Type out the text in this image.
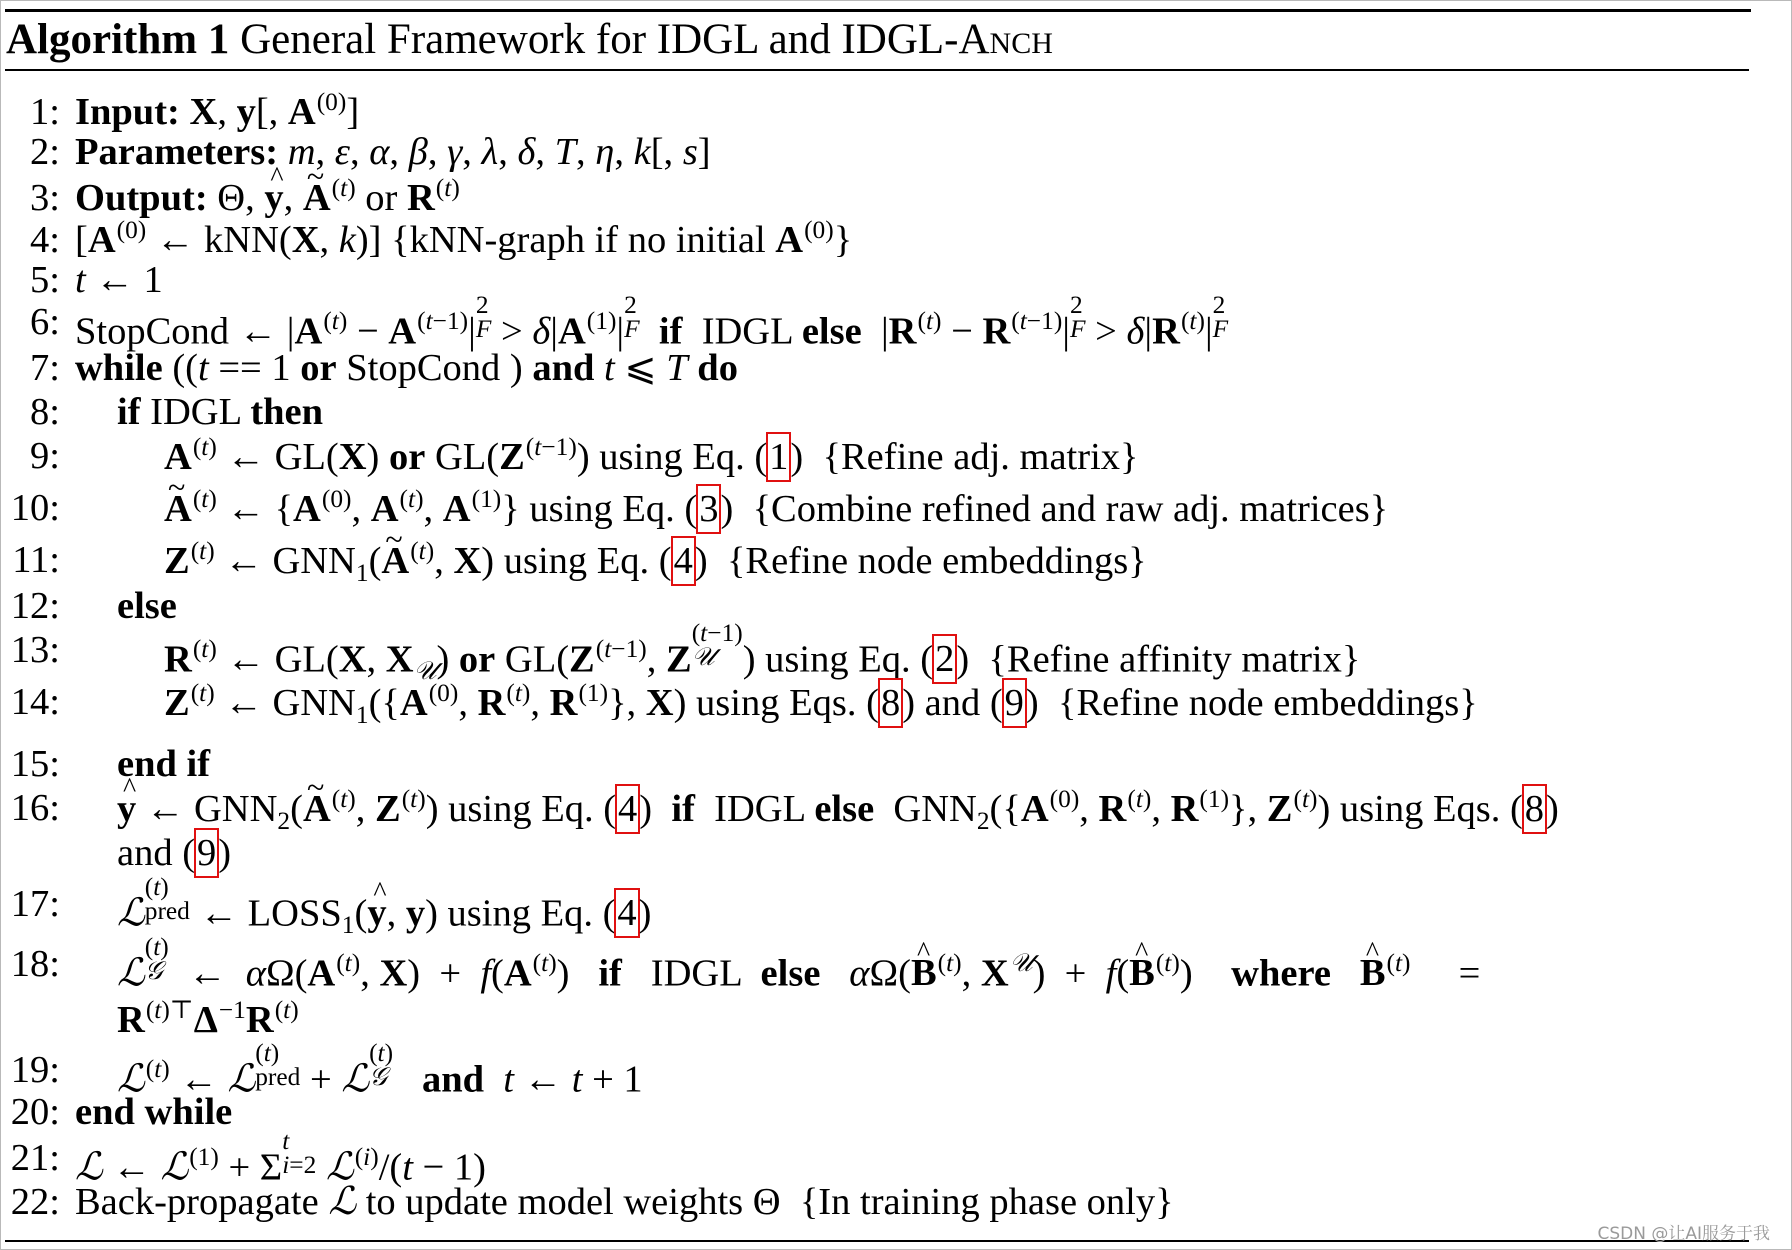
Algorithm 1 General Framework for IDGL and IDGL-Anch
1: Input: X, y[, $A^{(0)}$]
2: Parameters: m, ε, α, β, γ, λ, δ, T, η, k[, s]
3: Output: Θ, ^ y, ~ $A^{(t)}$ or $R^{(t)}$
4: [$A^{(0)}$ ← kNN(X, k)] {kNN-graph if no initial $A^{(0)}$}
5: t ← 1
6: StopCond ← $|A^{(t)} - A^{(t-1)}|$
2
$F > \delta|A^{(1)}|$
2
F if  IDGL else  $|R^{(t)} - R^{(t-1)}|$
2
$F > \delta|R^{(t)}|$
2
F
7: while ((t == 1 or StopCond ) and t ⩽ T do
8: if IDGL then
9:	$A^{(t)}$ ← GL(X) or $GL(Z^{(t-1)})$ using Eq. (1)  {Refine adj. matrix}
10:	~ $A^{(t)}$ ← {$A^{(0)}$, $A^{(t)}$, $A^{(1)}$} using Eq. (3)  {Combine refined and raw adj. matrices}
11:	$Z^{(t)}$ ← $GNN_1(\sim$ $A^{(t)}$, X) using Eq. (4)  {Refine node embeddings}
12: else
13:	$R^{(t)}$ ← GL(X, $X_𝒰$) or $GL(Z^{(t-1)}$, Z
(t−1)
𝒰 ) using Eq. (2)  {Refine affinity matrix}
14:	$Z^{(t)}$ ← $GNN_1(\{A^{(0)}$, $R^{(t)}$, $R^{(1)}$}, X) using Eqs. (8) and (9)  {Refine node embeddings}
15: end if
16: ^ y ← $GNN_2(\sim$ $A^{(t)}$, $Z^{(t)}$) using Eq. (4)  if  IDGL else  $GNN_2(\{A^{(0)}$, $R^{(t)}$, $R^{(1)}$}, $Z^{(t)}$) using Eqs. (8)
and (9)
17: ℒ
(t)
pred ← $LOSS_1(\^{}$ y, y) using Eq. (4)
18: ℒ
(t)
𝒢 ←  $\alpha\Omega(A^{(t)}$, $X) + f(A^{(t)})$   if   IDGL  else αΩ(^ $B^{(t)}$, $X^𝒰$)  +  f(^ $B^{(t)}$)    where ^ $B^{(t)}$     =
$R^{(t)⊤}\Delta^{-1}R^{(t)}$
19: ℒ$^{(t)}$ ← ℒ
(t)
pred + ℒ
(t)
𝒢 and t ← t + 1
20: end while
21: ℒ ← ℒ$^{(1)}$ + Σ
t
i=2 ℒ$^{(i)}$/(t − 1)
22: Back-propagate ℒ to update model weights Θ  {In training phase only}
CSDN @让AI服务于我
